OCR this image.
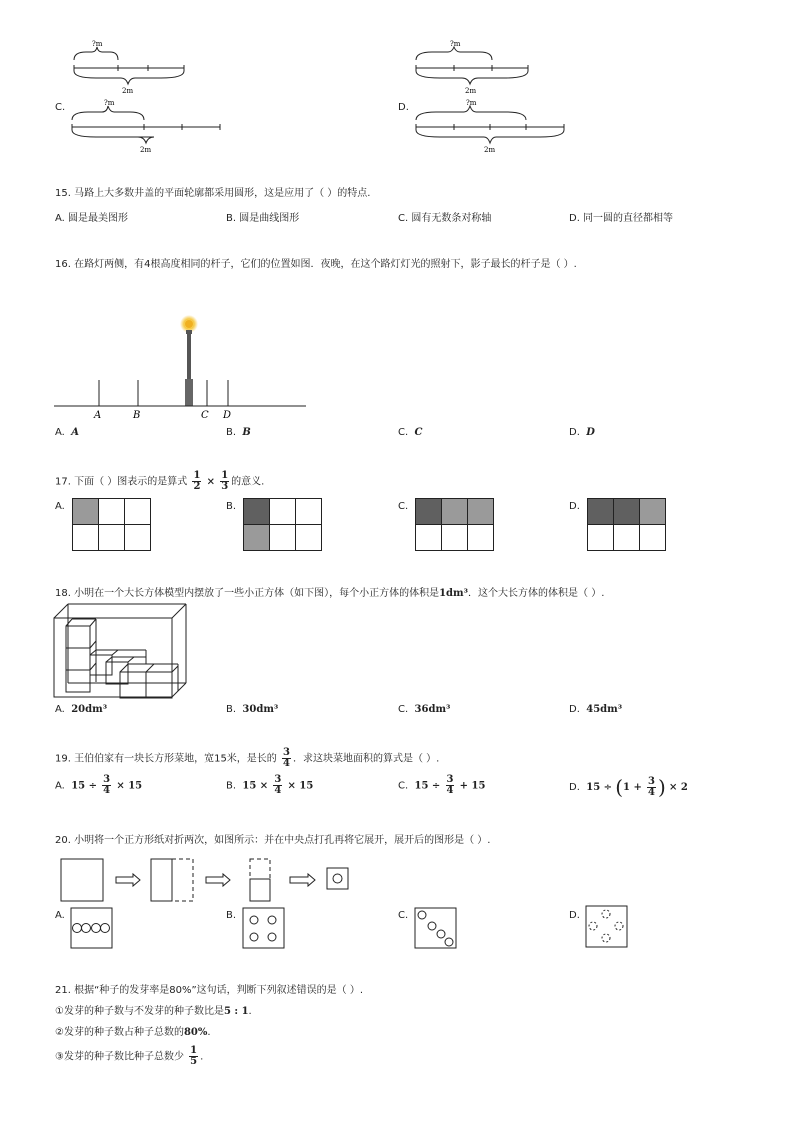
?m
2m
?m
2m
C.	?m
2m
D.	?m
2m
15. 马路上大多数井盖的平面轮廓都采用圆形，这是应用了（ ）的特点.
A. 圆是最美图形	B. 圆是曲线图形	C. 圆有无数条对称轴	D. 同一圆的直径都相等
16. 在路灯两侧，有4根高度相同的杆子，它们的位置如图．夜晚，在这个路灯灯光的照射下，影子最长的杆子是（ ）.
A	B	C D
A. A	B. B	C. C	D. D
17. 下面（ ）图表示的是算式 $\frac{1}{2} \times \frac{1}{3}$ 的意义.
A.	B.	C.	D.
18. 小明在一个大长方体模型内摆放了一些小正方体（如下图），每个小正方体的体积是1dm³．这个大长方体的体积是（ ）.
A. 20dm³	B. 30dm³	C. 36dm³	D. 45dm³
19. 王伯伯家有一块长方形菜地，宽15米，是长的 $\frac{3}{4}$ ．求这块菜地面积的算式是（ ）.
A. $15 \div \frac{3}{4} \times 15$	B. $15 \times \frac{3}{4} \times 15$	C. $15 \div \frac{3}{4} + 15$	D. $15 \div (1 + \frac{3}{4}$ ) × 2
20. 小明将一个正方形纸对折两次，如图所示：并在中央点打孔再将它展开，展开后的图形是（ ）.
A.	B.	C.	D.
21. 根据“种子的发芽率是80%”这句话，判断下列叙述错误的是（ ）.
①发芽的种子数与不发芽的种子数比是5 : 1.
②发芽的种子数占种子总数的80%.
③发芽的种子数比种子总数少 $\frac{1}{5}$ .
